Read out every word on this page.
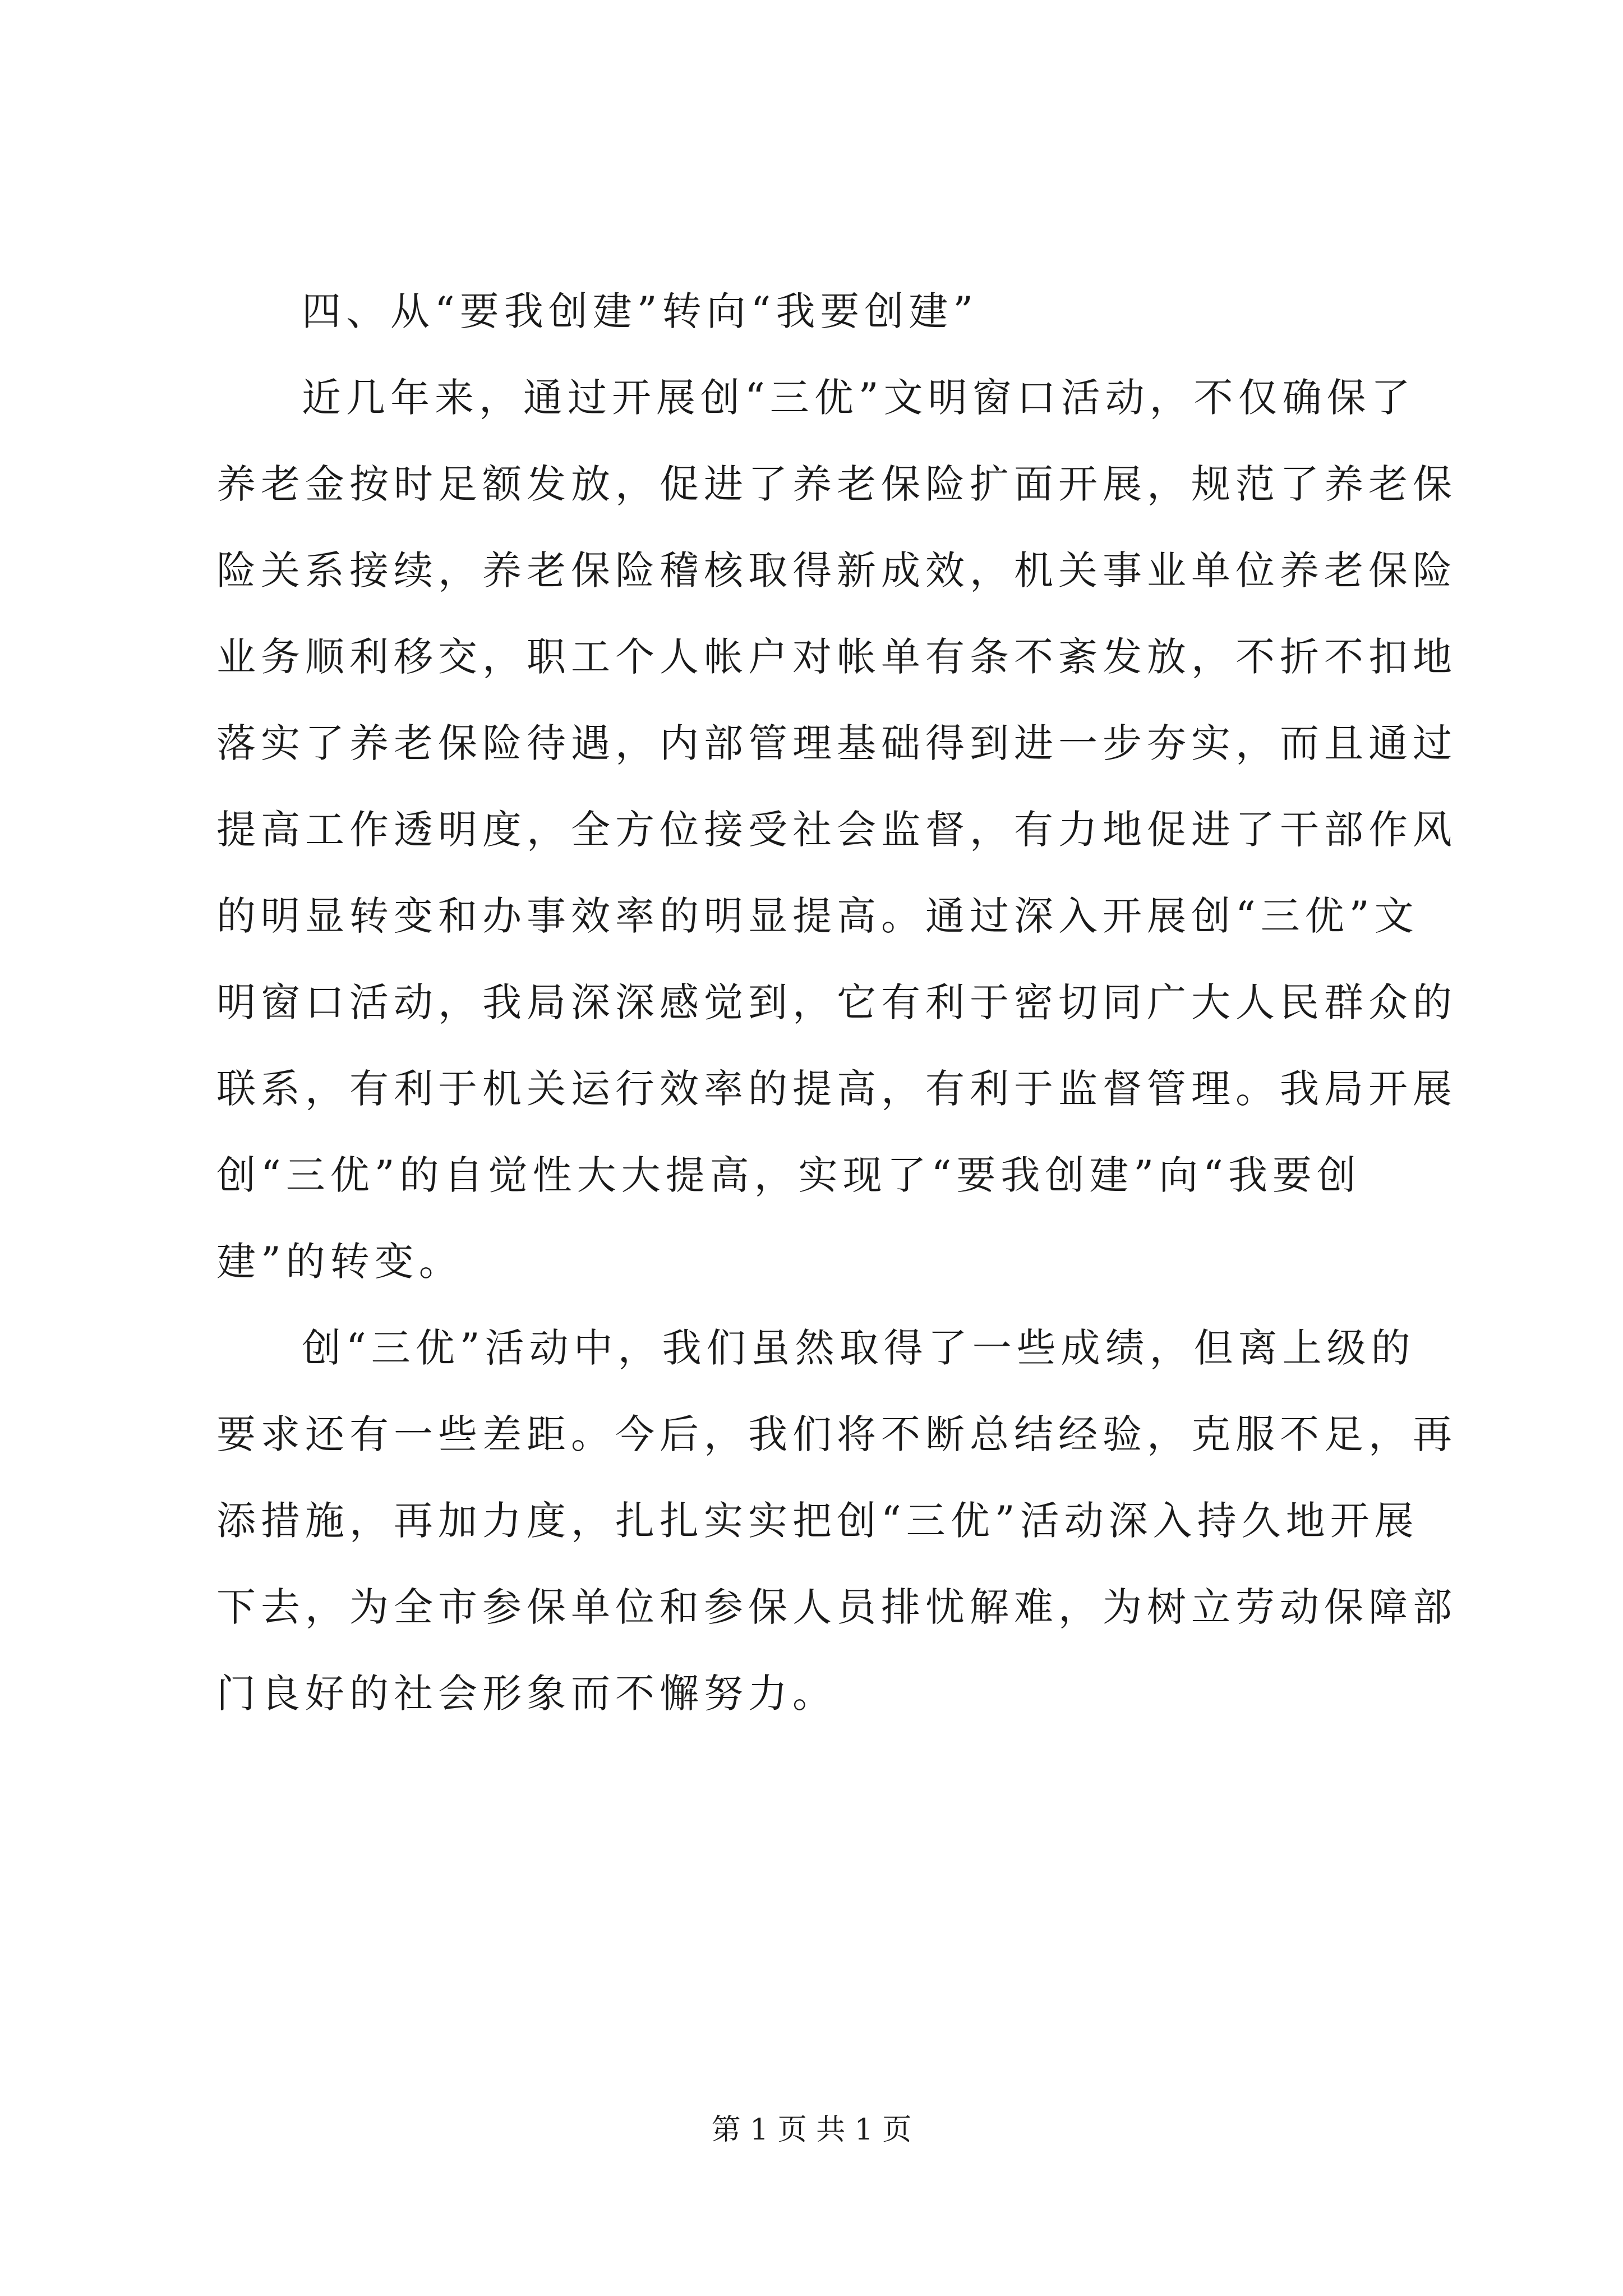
四、从“要我创建”转向“我要创建”
近几年来，通过开展创“三优”文明窗口活动，不仅确保了
养老金按时足额发放，促进了养老保险扩面开展，规范了养老保
险关系接续，养老保险稽核取得新成效，机关事业单位养老保险
业务顺利移交，职工个人帐户对帐单有条不紊发放，不折不扣地
落实了养老保险待遇，内部管理基础得到进一步夯实，而且通过
提高工作透明度，全方位接受社会监督，有力地促进了干部作风
的明显转变和办事效率的明显提高。通过深入开展创“三优”文
明窗口活动，我局深深感觉到，它有利于密切同广大人民群众的
联系，有利于机关运行效率的提高，有利于监督管理。我局开展
创“三优”的自觉性大大提高，实现了“要我创建”向“我要创
建”的转变。
创“三优”活动中，我们虽然取得了一些成绩，但离上级的
要求还有一些差距。今后，我们将不断总结经验，克服不足，再
添措施，再加力度，扎扎实实把创“三优”活动深入持久地开展
下去，为全市参保单位和参保人员排忧解难，为树立劳动保障部
门良好的社会形象而不懈努力。
第 1 页 共 1 页
